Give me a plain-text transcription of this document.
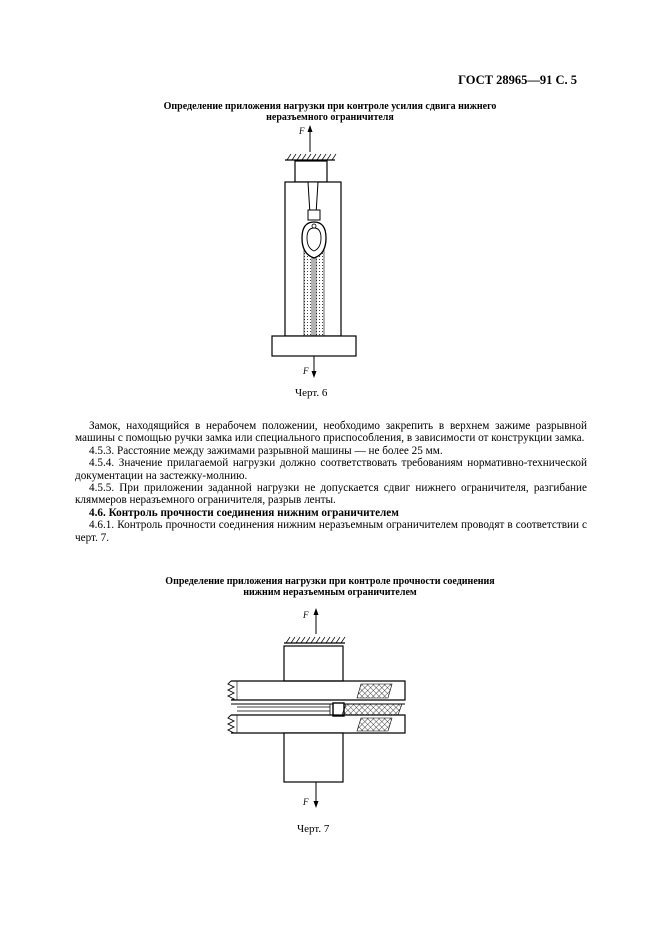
ГОСТ 28965—91 С. 5
Определение приложения нагрузки при контроле усилия сдвига нижнего
неразъемного ограничителя
F
F
Черт. 6

Замок, находящийся в нерабочем положении, необходимо закрепить в верхнем зажиме разрывной машины с помощью ручки замка или специального приспособления, в зависимости от конструкции замка.

4.5.3. Расстояние между зажимами разрывной машины — не более 25 мм.

4.5.4. Значение прилагаемой нагрузки должно соответствовать требованиям нормативно-технической документации на застежку-молнию.

4.5.5. При приложении заданной нагрузки не допускается сдвиг нижнего ограничителя, разгибание кляммеров неразъемного ограничителя, разрыв ленты.

4.6. Контроль прочности соединения нижним ограничителем

4.6.1. Контроль прочности соединения нижним неразъемным ограничителем проводят в соответствии с черт. 7.

Определение приложения нагрузки при контроле прочности соединения
нижним неразъемным ограничителем
F
F
Черт. 7
